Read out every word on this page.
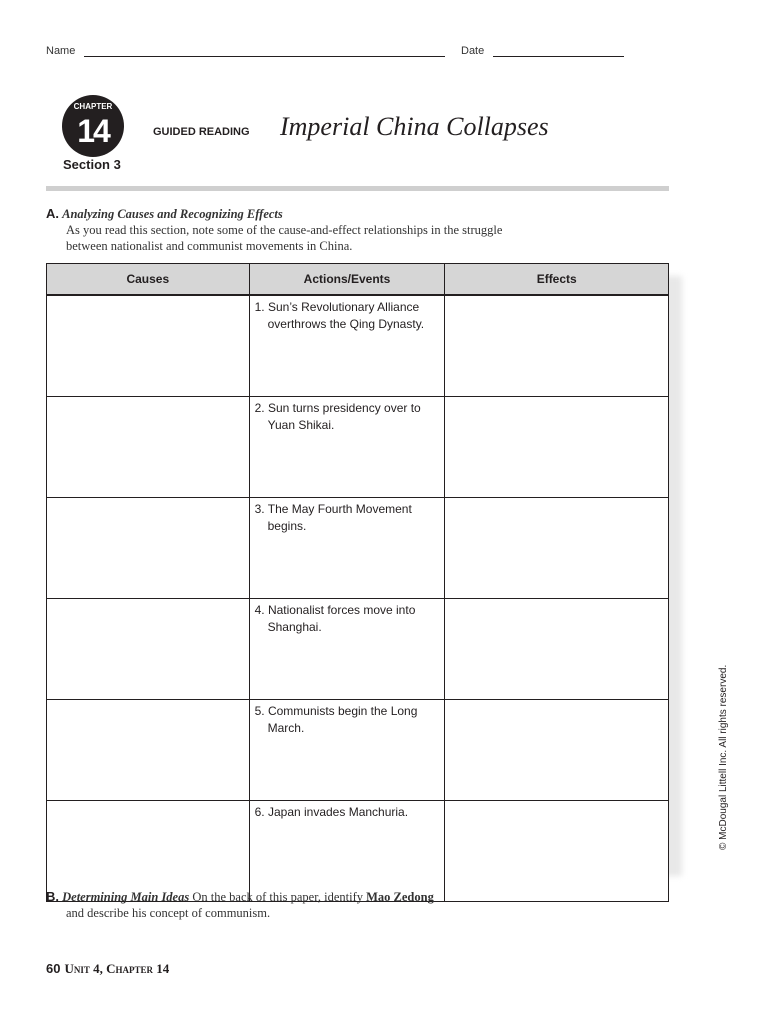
Name	Date
CHAPTER
14
Section 3
GUIDED READING Imperial China Collapses
A. Analyzing Causes and Recognizing Effects
As you read this section, note some of the cause-and-effect relationships in the struggle between nationalist and communist movements in China.
Causes	Actions/Events	Effects
	1. Sun’s Revolutionary Alliance overthrows the Qing Dynasty.	
	2. Sun turns presidency over to Yuan Shikai.	
	3. The May Fourth Movement begins.	
	4. Nationalist forces move into Shanghai.	
	5. Communists begin the Long March.	
	6. Japan invades Manchuria.	
B. Determining Main Ideas On the back of this paper, identify Mao Zedong
and describe his concept of communism.
© McDougal Littell Inc. All rights reserved.
60 Unit 4, Chapter 14
